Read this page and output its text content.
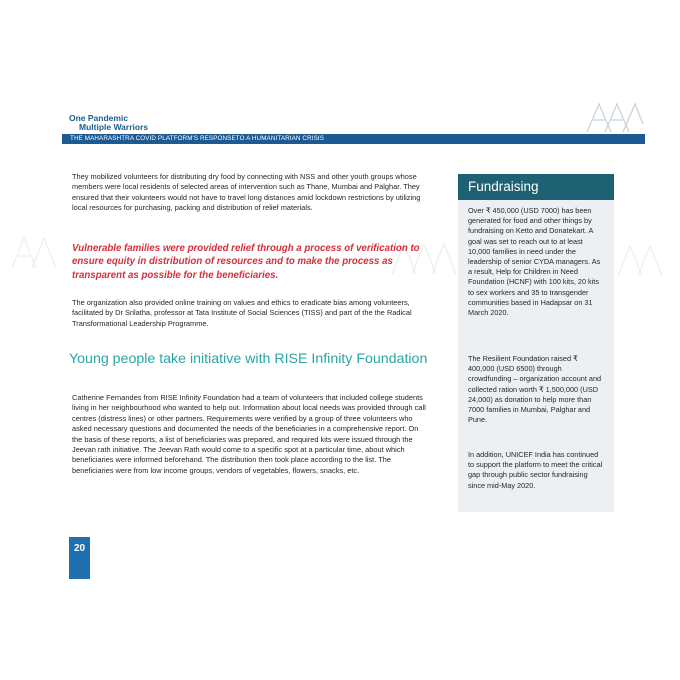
One Pandemic
Multiple Warriors
THE MAHARASHTRA COVID PLATFORM'S RESPONSETO A HUMANITARIAN CRISIS
They mobilized volunteers for distributing dry food by connecting with NSS and other youth groups whose members were local residents of selected areas of intervention such as Thane, Mumbai and Palghar. They ensured that their volunteers would not have to travel long distances amid lockdown restrictions by utilizing local resources for purchasing, packing and distribution of relief materials.
Vulnerable families were provided relief through a process of verification to ensure equity in distribution of resources and to make the process as transparent as possible for the beneficiaries.
The organization also provided online training on values and ethics to eradicate bias among volunteers, facilitated by Dr Srilatha, professor at Tata Institute of Social Sciences (TISS) and part of the the Radical Transformational Leadership Programme.
Young people take initiative with RISE Infinity Foundation
Catherine Fernandes from RISE Infinity Foundation had a team of volunteers that included college students living in her neighbourhood who wanted to help out. Information about local needs was provided through call centres (distress lines) or other partners. Requirements were verified by a group of three volunteers who asked necessary questions and documented the needs of the beneficiaries in a comprehensive report. On the basis of these reports, a list of beneficiaries was prepared, and required kits were issued through the Jeevan rath initiative. The Jeevan Rath would come to a specific spot at a particular time, about which beneficiaries were informed beforehand. The distribution then took place according to the list. The beneficiaries were from low income groups, vendors of vegetables, flowers, snacks, etc.
Fundraising
Over ₹ 450,000 (USD 7000) has been generated for food and other things by fundraising on Ketto and Donatekart. A goal was set to reach out to at least 10,000 families in need under the leadership of senior CYDA managers. As a result, Help for Children in Need Foundation (HCNF) with 100 kits, 20 kits to sex workers and 35 to transgender communities based in Hadapsar on 31 March 2020.
The Resilient Foundation raised ₹ 400,000 (USD 6500) through crowdfunding – organization account and collected ration worth ₹ 1,500,000 (USD 24,000) as donation to help more than 7000 families in Mumbai, Palghar and Pune.
In addition, UNICEF India has continued to support the platform to meet the critical gap through public sector fundraising since mid-May 2020.
20
